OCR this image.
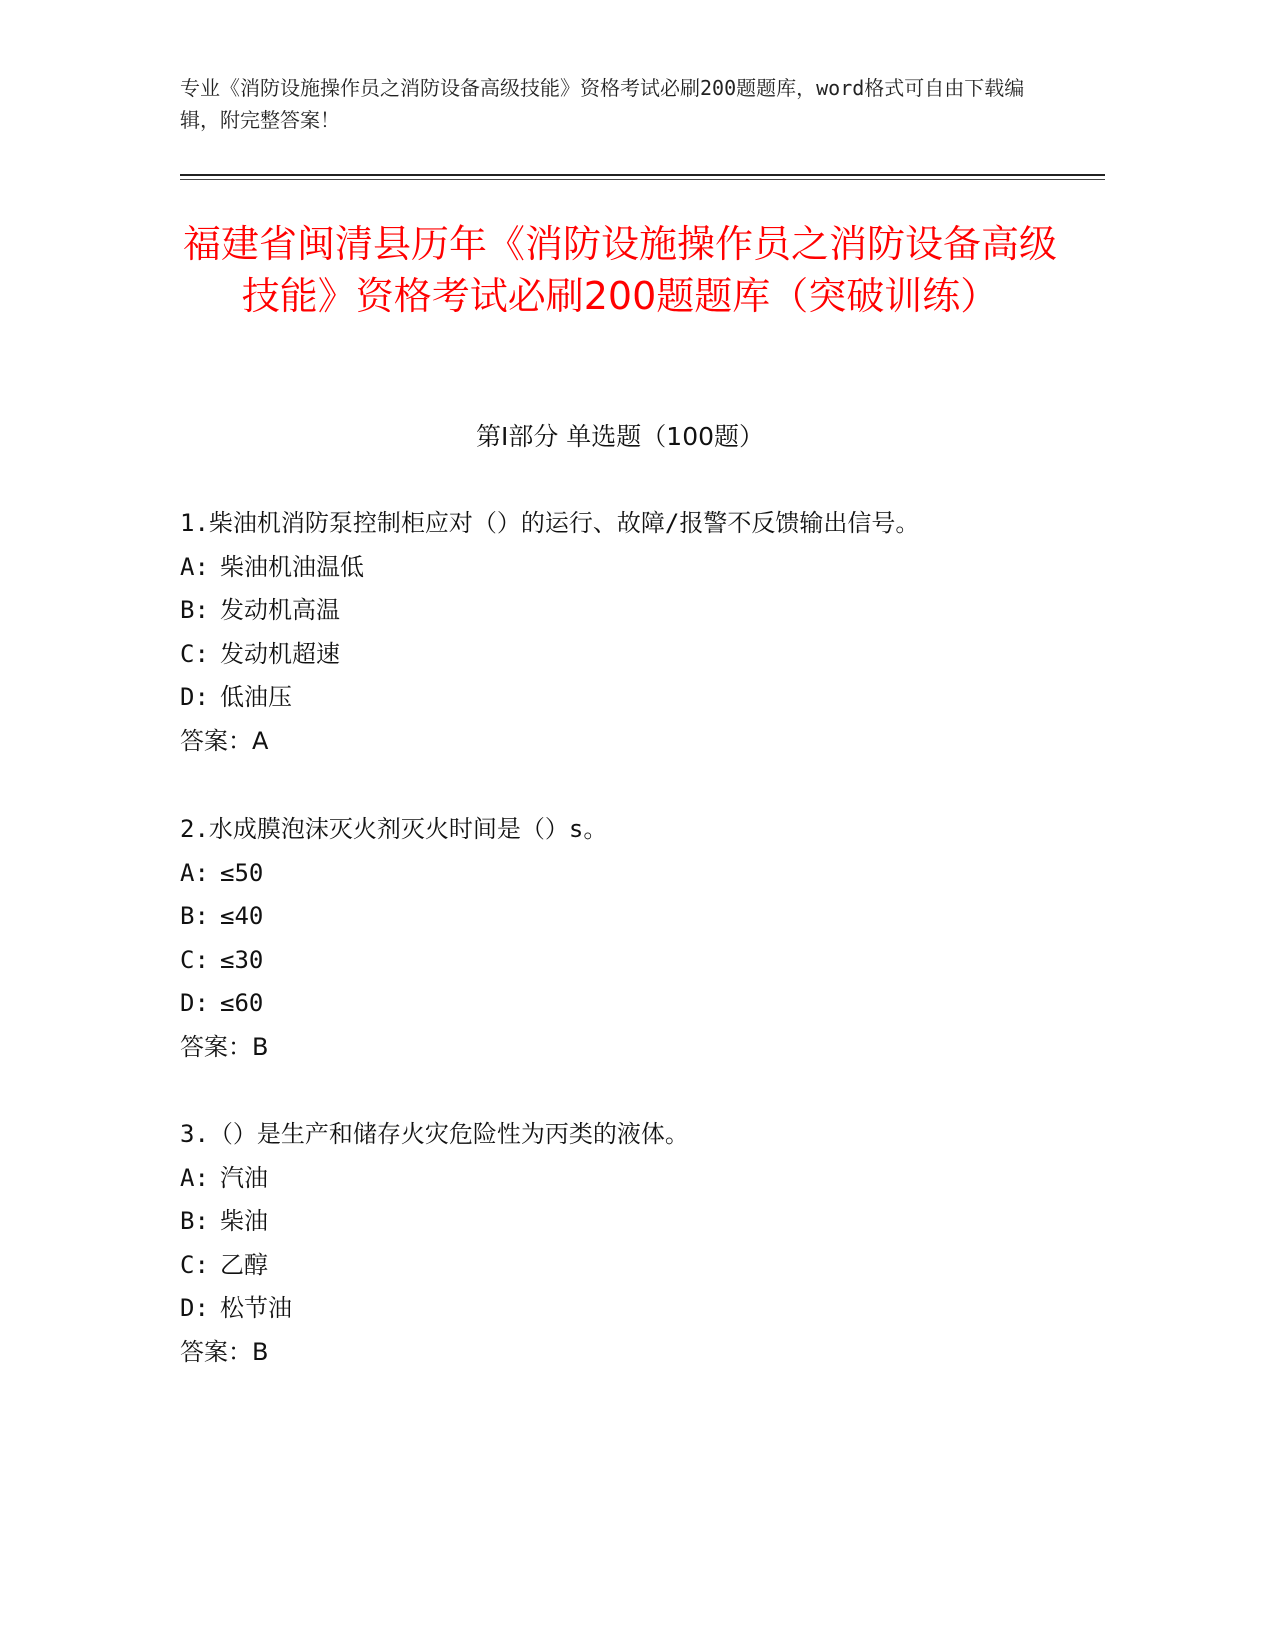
专业《消防设施操作员之消防设备高级技能》资格考试必刷200题题库，word格式可自由下载编辑，附完整答案！
福建省闽清县历年《消防设施操作员之消防设备高级技能》资格考试必刷200题题库（突破训练）
第Ⅰ部分 单选题（100题）
1.柴油机消防泵控制柜应对（）的运行、故障/报警不反馈输出信号。
A: 柴油机油温低
B: 发动机高温
C: 发动机超速
D: 低油压
答案：A
2.水成膜泡沫灭火剂灭火时间是（）s。
A: ≤50
B: ≤40
C: ≤30
D: ≤60
答案：B
3.（）是生产和储存火灾危险性为丙类的液体。
A: 汽油
B: 柴油
C: 乙醇
D: 松节油
答案：B
